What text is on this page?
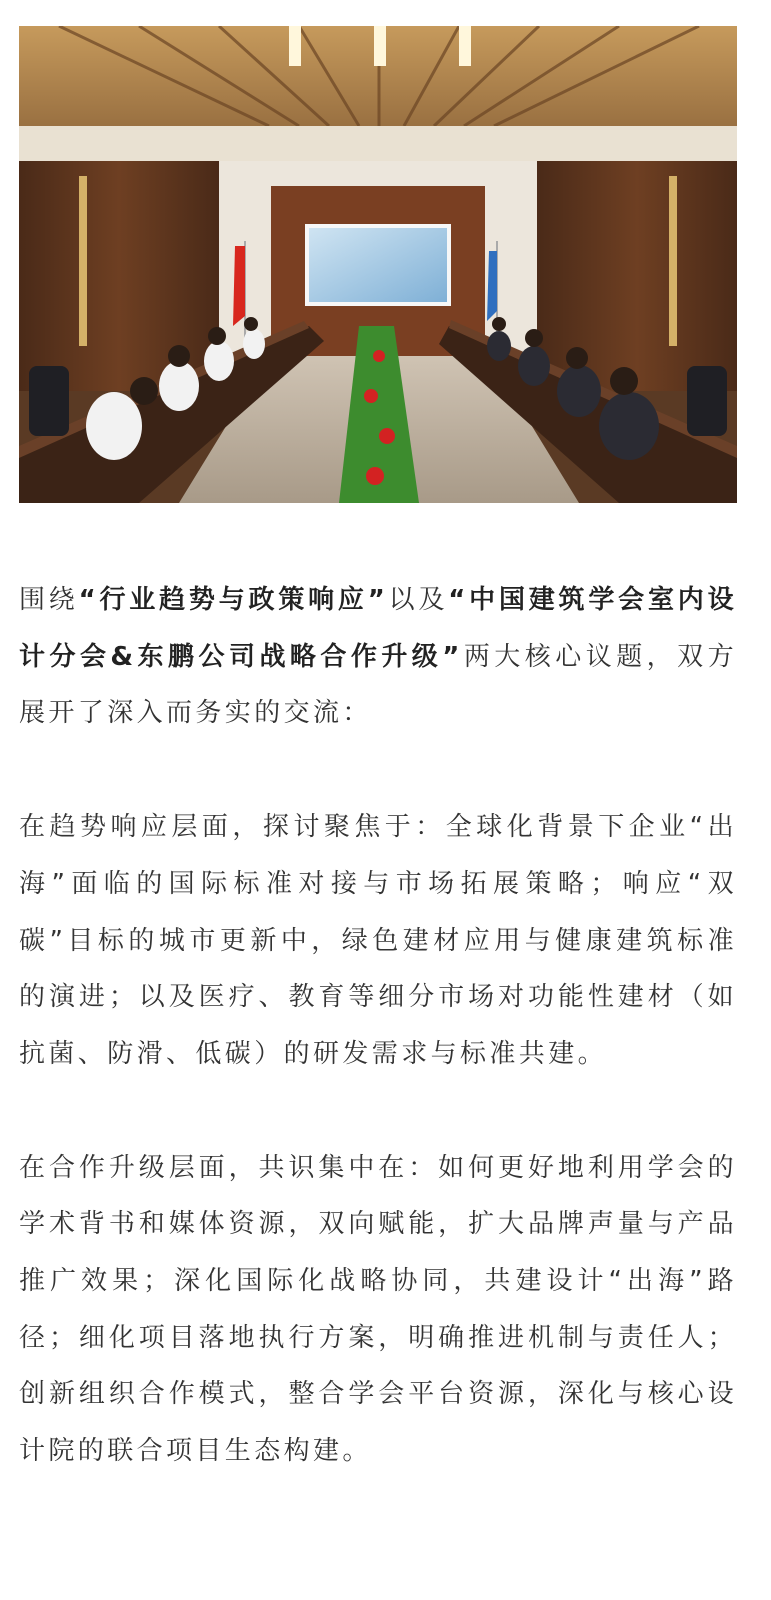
围绕“行业趋势与政策响应”以及“中国建筑学会室内设计分会&东鹏公司战略合作升级”两大核心议题，双方展开了深入而务实的交流：

在趋势响应层面，探讨聚焦于：全球化背景下企业“出海”面临的国际标准对接与市场拓展策略；响应“双碳”目标的城市更新中，绿色建材应用与健康建筑标准的演进；以及医疗、教育等细分市场对功能性建材（如抗菌、防滑、低碳）的研发需求与标准共建。

在合作升级层面，共识集中在：如何更好地利用学会的学术背书和媒体资源，双向赋能，扩大品牌声量与产品推广效果；深化国际化战略协同，共建设计“出海”路径；细化项目落地执行方案，明确推进机制与责任人；创新组织合作模式，整合学会平台资源，深化与核心设计院的联合项目生态构建。
